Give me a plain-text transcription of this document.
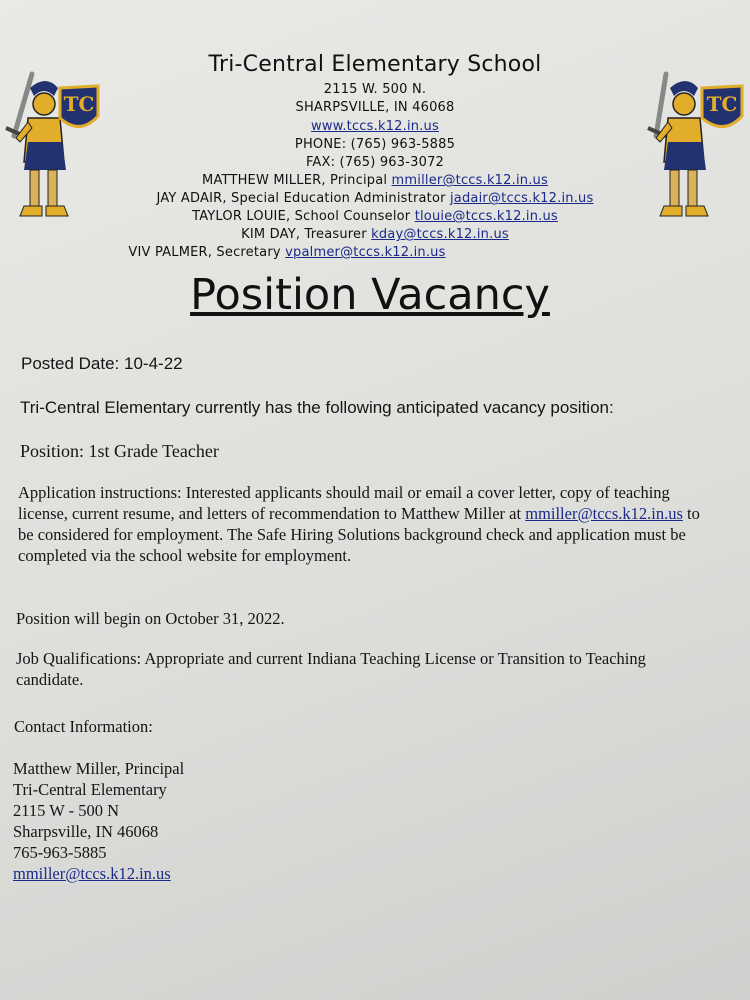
TC	TC
Tri-Central Elementary School
2115 W. 500 N.
SHARPSVILLE, IN 46068
www.tccs.k12.in.us
PHONE: (765) 963-5885
FAX: (765) 963-3072
MATTHEW MILLER, Principal mmiller@tccs.k12.in.us
JAY ADAIR, Special Education Administrator jadair@tccs.k12.in.us
TAYLOR LOUIE, School Counselor tlouie@tccs.k12.in.us
KIM DAY, Treasurer kday@tccs.k12.in.us
VIV PALMER, Secretary vpalmer@tccs.k12.in.us
Position Vacancy
Posted Date: 10-4-22
Tri-Central Elementary currently has the following anticipated vacancy position:
Position: 1st Grade Teacher
Application instructions: Interested applicants should mail or email a cover letter, copy of teaching license, current resume, and letters of recommendation to Matthew Miller at mmiller@tccs.k12.in.us to be considered for employment. The Safe Hiring Solutions background check and application must be completed via the school website for employment.
Position will begin on October 31, 2022.
Job Qualifications: Appropriate and current Indiana Teaching License or Transition to Teaching candidate.
Contact Information:
Matthew Miller, Principal
Tri-Central Elementary
2115 W - 500 N
Sharpsville, IN 46068
765-963-5885
mmiller@tccs.k12.in.us
